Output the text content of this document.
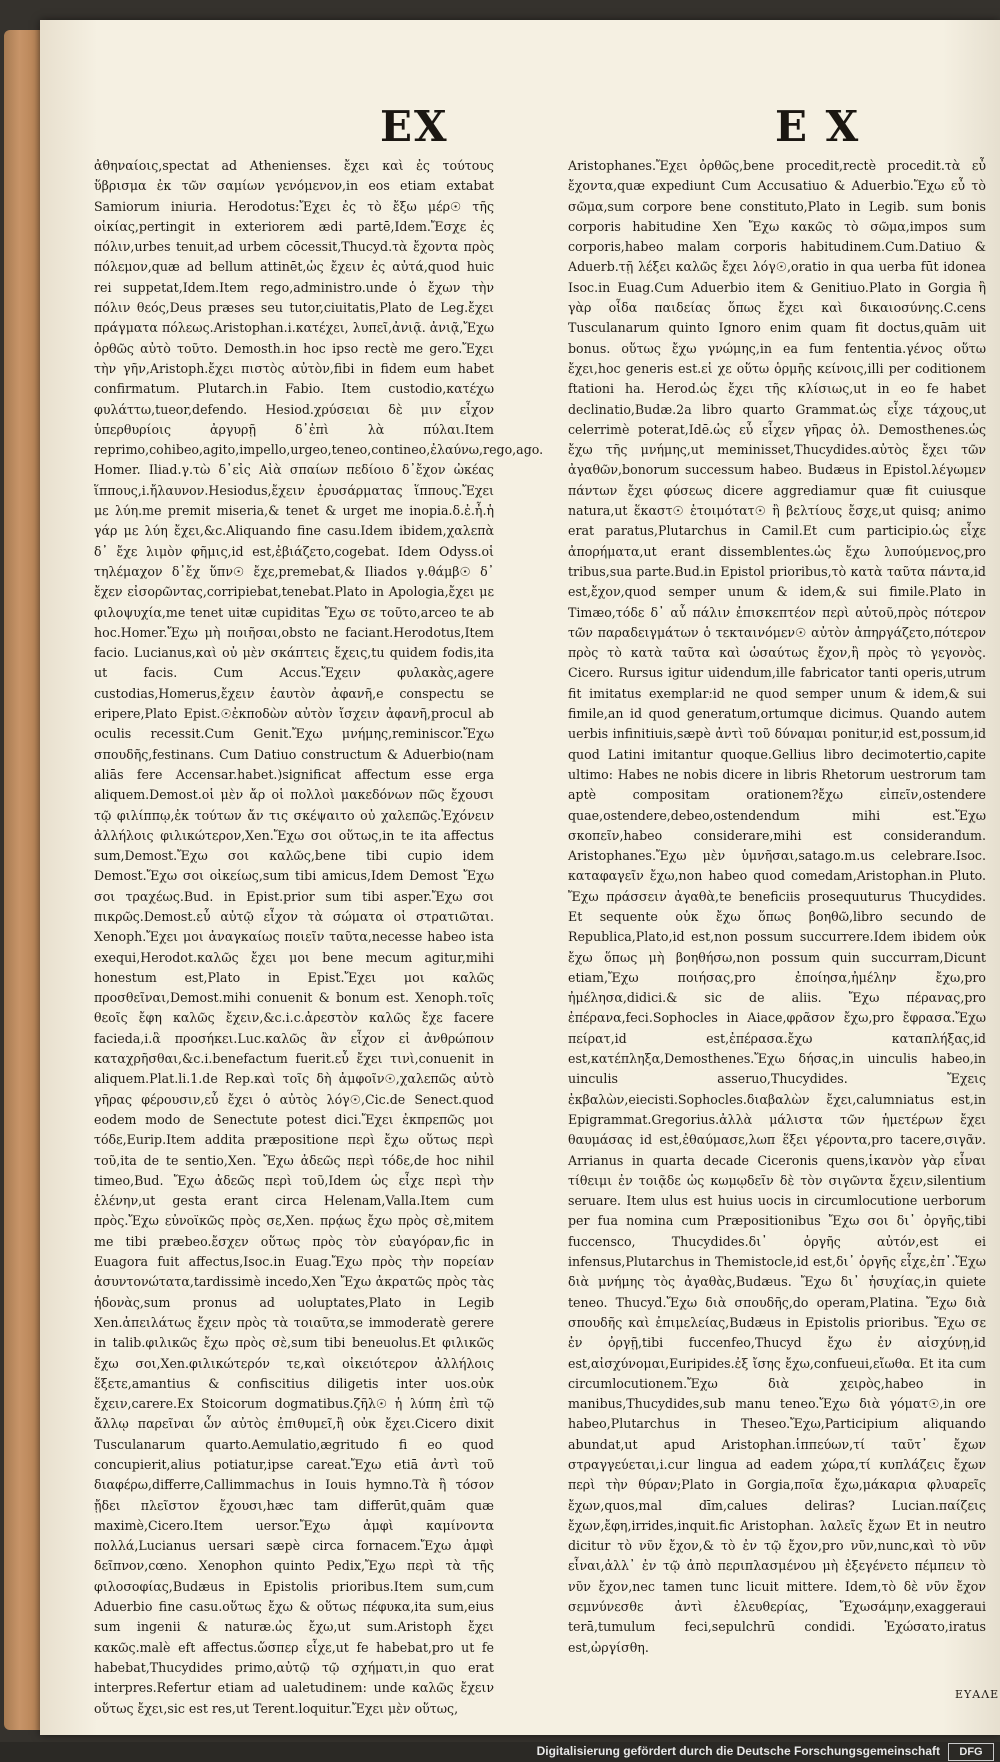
EX	E X

ἀθηναίοις,spectat ad Athenienses. ἔχει καὶ ἐς τούτους ὕβρισμα ἐκ τῶν σαμίων γενόμενον,in eos etiam extabat Samiorum iniuria. Herodotus:Ἔχει ἐς τὸ ἔξω μέρ☉ τῆς οἰκίας,pertingit in exteriorem ædi partē,Idem.Ἔσχε ἐς πόλιν,urbes tenuit,ad urbem cōcessit,Thucyd.τὰ ἔχοντα πρὸς πόλεμον,quæ ad bellum attinēt,ὡς ἔχειν ἐς αὐτά,quod huic rei suppetat,Idem.Item rego,administro.unde ὁ ἔχων τὴν πόλιν θεός,Deus præses seu tutor,ciuitatis,Plato de Leg.ἔχει πράγματα πόλεως.Aristophan.i.κατέχει, λυπεῖ,ἀνιᾷ. ἀνιᾷ,Ἔχω ὀρθῶς αὐτὸ τοῦτο. Demosth.in hoc ipso rectè me gero.Ἔχει τὴν γῆν,Aristoph.ἔχει πιστὸς αὐτὸν,fibi in fidem eum habet confirmatum. Plutarch.in Fabio. Item custodio,κατέχω φυλάττω,tueor,defendo. Hesiod.χρύσειαι δὲ μιν εἶχον ὑπερθυρίοις ἀργυρῇ δ᾽ἐπὶ λὰ πύλαι.Item reprimo,cohibeo,agito,impello,urgeo,teneo,contineo,ἐλαύνω,rego,ago. Homer. Iliad.γ.τὼ δ᾽εἰς Αἰὰ σπαίων πεδίοιο δ᾽ἔχον ὠκέας ἵππους,i.ἤλαυνον.Hesiodus,ἔχειν ἐρυσάρματας ἵππους.Ἔχει με λύη.me premit miseria,& tenet & urget me inopia.δ.ἐ.ἦ.ἡ γάρ με λύη ἔχει,&c.Aliquando fine casu.Idem ibidem,χαλεπὰ δ᾽ ἔχε λιμὸν φῆμις,id est,ἐβιάζετο,cogebat. Idem Odyss.οἱ τηλέμαχον δ᾽ἔχ ὕπν☉ ἔχε,premebat,& Iliados γ.θάμβ☉ δ᾽ ἔχεν εἰσορῶντας,corripiebat,tenebat.Plato in Apologia,ἔχει με φιλοψυχία,me tenet uitæ cupiditas Ἔχω σε τοῦτο,arceo te ab hoc.Homer.Ἔχω μὴ ποιῆσαι,obsto ne faciant.Herodotus,Item facio. Lucianus,καὶ οὐ μὲν σκάπτεις ἔχεις,tu quidem fodis,ita ut facis. Cum Accus.Ἔχειν φυλακὰς,agere custodias,Homerus,ἔχειν ἑαυτὸν ἀφανῆ,e conspectu se eripere,Plato Epist.☉ἐκποδὼν αὐτὸν ἴσχειν ἀφανῆ,procul ab oculis recessit.Cum Genit.Ἔχω μνήμης,reminiscor.Ἔχω σπουδῆς,festinans. Cum Datiuo constructum & Aduerbio(nam aliās fere Accensar.habet.)significat affectum esse erga aliquem.Demost.οἱ μὲν ἄρ οἱ πολλοὶ μακεδόνων πῶς ἔχουσι τῷ φιλίππῳ,ἐκ τούτων ἄν τις σκέψαιτο οὐ χαλεπῶς.Ἐχόνειν ἀλλήλοις φιλικώτερον,Xen.Ἔχω σοι οὕτως,in te ita affectus sum,Demost.Ἔχω σοι καλῶς,bene tibi cupio idem Demost.Ἔχω σοι οἰκείως,sum tibi amicus,Idem Demost Ἔχω σοι τραχέως.Bud. in Epist.prior sum tibi asper.Ἔχω σοι πικρῶς.Demost.εὖ αὐτῷ εἶχον τὰ σώματα οἱ στρατιῶται. Xenoph.Ἔχει μοι ἀναγκαίως ποιεῖν ταῦτα,necesse habeo ista exequi,Herodot.καλῶς ἔχει μοι bene mecum agitur,mihi honestum est,Plato in Epist.Ἔχει μοι καλῶς προσθεῖναι,Demost.mihi conuenit & bonum est. Xenoph.τοῖς θεοῖς ἔφη καλῶς ἔχειν,&c.i.c.ἀρεστὸν καλῶς ἔχε facere facieda,i.ἃ προσήκει.Luc.καλῶς ἂν εἶχον εἰ ἀνθρώποιν καταχρῆσθαι,&c.i.benefactum fuerit.εὖ ἔχει τινὶ,conuenit in aliquem.Plat.li.1.de Rep.καὶ τοῖς δὴ ἀμφοῖν☉,χαλεπῶς αὐτὸ γῆρας φέρουσιν,εὖ ἔχει ὁ αὐτὸς λόγ☉,Cic.de Senect.quod eodem modo de Senectute potest dici.Ἔχει ἐκπρεπῶς μοι τόδε,Eurip.Item addita præpositione περὶ ἔχω οὕτως περὶ τοῦ,ita de te sentio,Xen. Ἔχω ἀδεῶς περὶ τόδε,de hoc nihil timeo,Bud. Ἔχω ἀδεῶς περὶ τοῦ,Idem ὡς εἶχε περὶ τὴν ἑλένην,ut gesta erant circa Helenam,Valla.Item cum πρὸς.Ἔχω εὐνοϊκῶς πρὸς σε,Xen. πρᾴως ἔχω πρὸς σὲ,mitem me tibi præbeo.ἔσχεν οὕτως πρὸς τὸν εὐαγόραν,fic in Euagora fuit affectus,Isoc.in Euag.Ἔχω πρὸς τὴν πορείαν ἀσυντονώτατα,tardissimè incedo,Xen Ἔχω ἀκρατῶς πρὸς τὰς ἡδονὰς,sum pronus ad uoluptates,Plato in Legib Xen.ἀπειλάτως ἔχειν πρὸς τὰ τοιαῦτα,se immoderatè gerere in talib.φιλικῶς ἔχω πρὸς σὲ,sum tibi beneuolus.Et φιλικῶς ἔχω σοι,Xen.φιλικώτερόν τε,καὶ οἰκειότερον ἀλλήλοις ἕξετε,amantius & confiscitius diligetis inter uos.οὐκ ἔχειν,carere.Ex Stoicorum dogmatibus.ζῆλ☉ ἡ λύπη ἐπὶ τῷ ἄλλῳ παρεῖναι ὧν αὐτὸς ἐπιθυμεῖ,ἢ οὐκ ἔχει.Cicero dixit Tusculanarum quarto.Aemulatio,ægritudo fi eo quod concupierit,alius potiatur,ipse careat.Ἔχω etiā ἀντὶ τοῦ διαφέρω,differre,Callimmachus in Iouis hymno.Τὰ ἢ τόσον ᾔδει πλεῖστον ἔχουσι,hæc tam differūt,quām quæ maximè,Cicero.Item uersor.Ἔχω ἀμφὶ καμίνοντα πολλά,Lucianus uersari sæpè circa fornacem.Ἔχω ἀμφὶ δεῖπνον,cœno. Xenophon quinto Pedix,Ἔχω περὶ τὰ τῆς φιλοσοφίας,Budæus in Epistolis prioribus.Item sum,cum Aduerbio fine casu.οὕτως ἔχω & οὕτως πέφυκα,ita sum,eius sum ingenii & naturæ.ὡς ἔχω,ut sum.Aristoph ἔχει κακῶς.malè eft affectus.ὥσπερ εἶχε,ut fe habebat,pro ut fe habebat,Thucydides primo,αὐτῷ τῷ σχήματι,in quo erat interpres.Refertur etiam ad ualetudinem: unde καλῶς ἔχειν οὕτως ἔχει,sic est res,ut Terent.loquitur.Ἔχει μὲν οὕτως,

Aristophanes.Ἔχει ὀρθῶς,bene procedit,rectè procedit.τὰ εὖ ἔχοντα,quæ expediunt Cum Accusatiuo & Aduerbio.Ἔχω εὖ τὸ σῶμα,sum corpore bene constituto,Plato in Legib. sum bonis corporis habitudine Xen Ἔχω κακῶς τὸ σῶμα,impos sum corporis,habeo malam corporis habitudinem.Cum.Datiuo & Aduerb.τῇ λέξει καλῶς ἔχει λόγ☉,oratio in qua uerba fūt idonea Isoc.in Euag.Cum Aduerbio item & Genitiuo.Plato in Gorgia ἢ γὰρ οἶδα παιδείας ὅπως ἔχει καὶ δικαιοσύνης.C.cens Tusculanarum quinto Ignoro enim quam fit doctus,quām uit bonus. οὕτως ἔχω γνώμης,in ea fum fententia.γένος οὕτω ἔχει,hoc generis est.εἰ χε οὕτω ὁρμῆς κείνοις,illi per coditionem ftationi ha. Herod.ὡς ἔχει τῆς κλίσιως,ut in eo fe habet declinatio,Budæ.2a libro quarto Grammat.ὡς εἶχε τάχους,ut celerrimè poterat,Idē.ὡς εὖ εἶχεν γῆρας ὀλ. Demosthenes.ὡς ἔχω τῆς μνήμης,ut meminisset,Thucydides.αὐτὸς ἔχει τῶν ἀγαθῶν,bonorum successum habeo. Budæus in Epistol.λέγωμεν πάντων ἔχει φύσεως dicere aggrediamur quæ fit cuiusque natura,ut ἕκαστ☉ ἑτοιμότατ☉ ἢ βελτίους ἔσχε,ut quisq; animo erat paratus,Plutarchus in Camil.Et cum participio.ὡς εἶχε ἀπορήματα,ut erant dissemblentes.ὡς ἔχω λυπούμενος,pro tribus,sua parte.Bud.in Epistol prioribus,τὸ κατὰ ταῦτα πάντα,id est,ἔχον,quod semper unum & idem,& sui fimile.Plato in Timæo,τόδε δ᾽ αὖ πάλιν ἐπισκεπτέον περὶ αὐτοῦ,πρὸς πότερον τῶν παραδειγμάτων ὁ τεκταινόμεν☉ αὐτὸν ἀπηργάζετο,πότερον πρὸς τὸ κατὰ ταῦτα καὶ ὡσαύτως ἔχον,ἢ πρὸς τὸ γεγονὸς. Cicero. Rursus igitur uidendum,ille fabricator tanti operis,utrum fit imitatus exemplar:id ne quod semper unum & idem,& sui fimile,an id quod generatum,ortumque dicimus. Quando autem uerbis infinitiuis,sæpè ἀντὶ τοῦ δύναμαι ponitur,id est,possum,id quod Latini imitantur quoque.Gellius libro decimotertio,capite ultimo: Habes ne nobis dicere in libris Rhetorum uestrorum tam aptè compositam orationem?ἔχω εἰπεῖν,ostendere quae,ostendere,debeo,ostendendum mihi est.Ἔχω σκοπεῖν,habeo considerare,mihi est considerandum. Aristophanes.Ἔχω μὲν ὑμνῆσαι,satago.m.us celebrare.Isoc. καταφαγεῖν ἔχω,non habeo quod comedam,Aristophan.in Pluto. Ἔχω πράσσειν ἀγαθὰ,te beneficiis prosequuturus Thucydides. Et sequente οὐκ ἔχω ὅπως βοηθῶ,libro secundo de Republica,Plato,id est,non possum succurrere.Idem ibidem οὐκ ἔχω ὅπως μὴ βοηθήσω,non possum quin succurram,Dicunt etiam,Ἔχω ποιήσας,pro ἐποίησα,ἠμέλην ἔχω,pro ἠμέλησα,didici.& sic de aliis. Ἔχω πέρανας,pro ἐπέρανα,feci.Sophocles in Aiace,φρᾶσον ἔχω,pro ἔφρασα.Ἔχω πείρατ,id est,ἐπέρασα.ἔχω καταπλήξας,id est,κατέπληξα,Demosthenes.Ἔχω δήσας,in uinculis habeo,in uinculis asseruo,Thucydides. Ἔχεις ἐκβαλὼν,eiecisti.Sophocles.διαβαλὼν ἔχει,calumniatus est,in Epigrammat.Gregorius.ἀλλὰ μάλιστα τῶν ἡμετέρων ἔχει θαυμάσας id est,ἐθαύμασε,λωπ ἕξει γέροντα,pro tacere,σιγᾶν. Arrianus in quarta decade Ciceronis quens,ἱκανὸν γὰρ εἶναι τίθειμι ἐν τοιᾷδε ὡς κωμῳδεῖν δὲ τὸν σιγῶντα ἔχειν,silentium seruare. Item ulus est huius uocis in circumlocutione uerborum per fua nomina cum Præpositionibus Ἔχω σοι δι᾽ ὀργῆς,tibi fuccensco, Thucydides.δι᾽ ὀργῆς αὐτόν,est ei infensus,Plutarchus in Themistocle,id est,δι᾽ ὀργῆς εἶχε,ἐπ᾽.Ἔχω διὰ μνήμης τὸς ἀγαθὰς,Budæus. Ἔχω δι᾽ ἡσυχίας,in quiete teneo. Thucyd.Ἔχω διὰ σπουδῆς,do operam,Platina. Ἔχω διὰ σπουδῆς καὶ ἐπιμελείας,Budæus in Epistolis prioribus. Ἔχω σε ἐν ὀργῇ,tibi fuccenfeo,Thucyd ἔχω ἐν αἰσχύνῃ,id est,αἰσχύνομαι,Euripides.ἐξ ἴσης ἔχω,confueui,εἴωθα. Et ita cum circumlocutionem.Ἔχω διὰ χειρὸς,habeo in manibus,Thucydides,sub manu teneo.Ἔχω διὰ γόματ☉,in ore habeo,Plutarchus in Theseo.Ἔχω,Participium aliquando abundat,ut apud Aristophan.ἱππεύων,τί ταῦτ᾽ ἔχων στραγγεύεται,i.cur lingua ad eadem χώρα,τί κυπλάζεις ἔχων περὶ τὴν θύραν;Plato in Gorgia,ποῖα ἔχω,μάκαρια φλυαρεῖς ἔχων,quos,mal dīm,calues deliras? Lucian.παίζεις ἔχων,ἔφη,irrides,inquit.fic Aristophan. λαλεῖς ἔχων Et in neutro dicitur τὸ νῦν ἔχον,& τὸ ἐν τῷ ἔχον,pro νῦν,nunc,καὶ τὸ νῦν εἶναι,ἀλλ᾽ ἐν τῷ ἀπὸ περιπλασμένου μὴ ἐξεγένετο πέμπειν τὸ νῦν ἔχον,nec tamen tunc licuit mittere. Idem,τὸ δὲ νῦν ἔχον σεμνύνεσθε ἀντὶ ἐλευθερίας, Ἔχωσάμην,exaggeraui terā,tumulum feci,sepulchrū condidi. Ἐχώσατο,iratus est,ὠργίσθη.

ΕΥΑΛΕ
Digitalisierung gefördert durch die Deutsche Forschungsgemeinschaft	DFG
